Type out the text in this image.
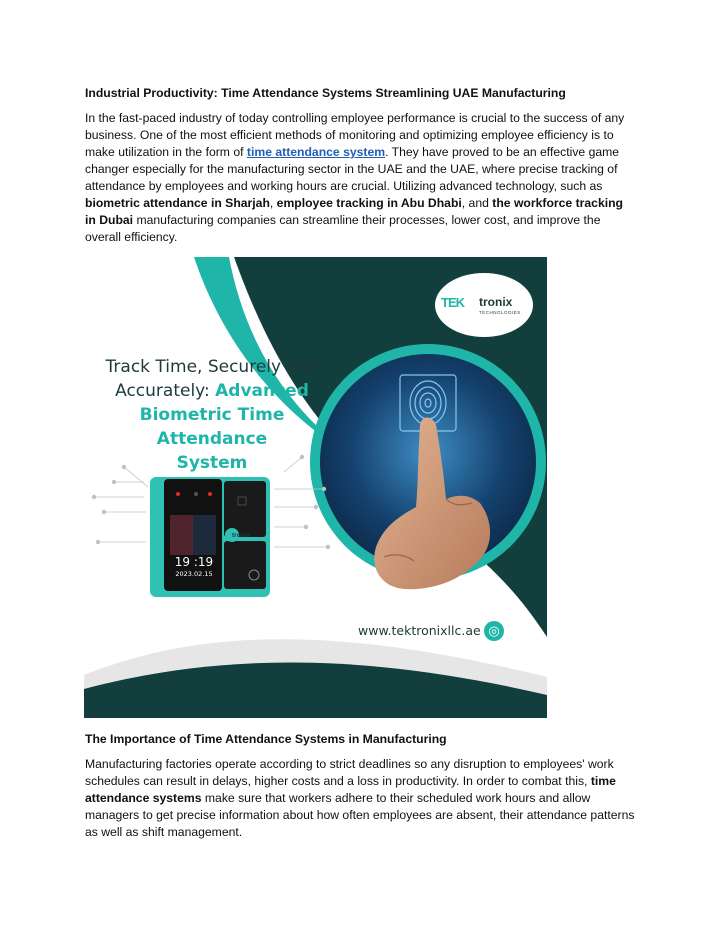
Industrial Productivity: Time Attendance Systems Streamlining UAE Manufacturing
In the fast-paced industry of today controlling employee performance is crucial to the success of any business. One of the most efficient methods of monitoring and optimizing employee efficiency is to make utilization in the form of time attendance system. They have proved to be an effective game changer especially for the manufacturing sector in the UAE and the UAE, where precise tracking of attendance by employees and working hours are crucial. Utilizing advanced technology, such as biometric attendance in Sharjah, employee tracking in Abu Dhabi, and the workforce tracking in Dubai manufacturing companies can streamline their processes, lower cost, and improve the overall efficiency.
TEK tronix
TECHNOLOGIES
Track Time, Securely and
Accurately: Advanced
Biometric Time Attendance
System
19 :19
2023.02.15
tronix
www.tektronixllc.ae ◎
The Importance of Time Attendance Systems in Manufacturing
Manufacturing factories operate according to strict deadlines so any disruption to employees' work schedules can result in delays, higher costs and a loss in productivity. In order to combat this, time attendance systems make sure that workers adhere to their scheduled work hours and allow managers to get precise information about how often employees are absent, their attendance patterns as well as shift management.
